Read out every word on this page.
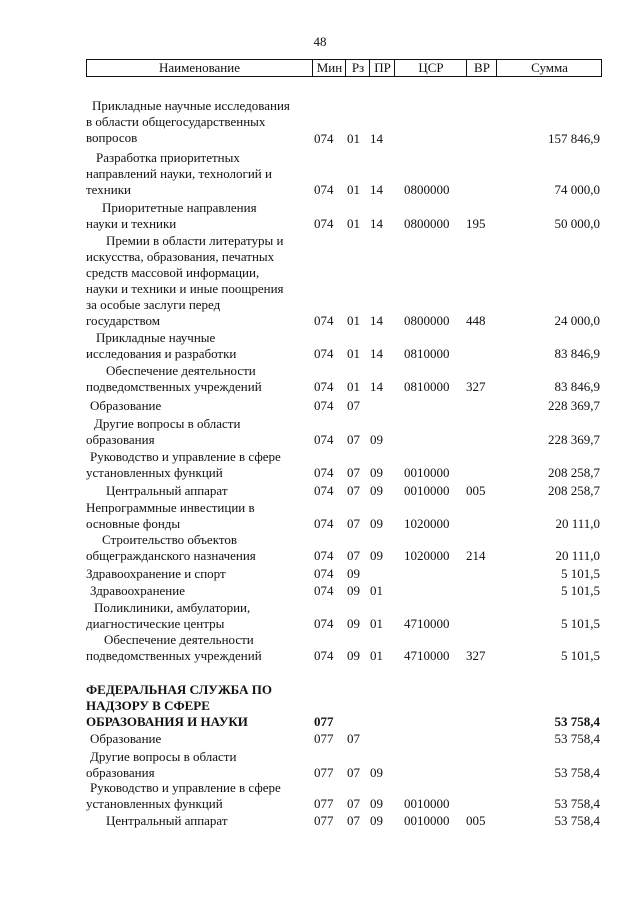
48
Наименование	Мин Рз ПР	ЦСР	ВР	Сумма
Прикладные научные исследования
в области общегосударственных
вопросов	074 01 14	157 846,9
Разработка приоритетных
направлений науки, технологий и
техники	074 01 14 0800000	74 000,0
Приоритетные направления
науки и техники	074 01 14 0800000 195	50 000,0
Премии в области литературы и
искусства, образования, печатных
средств массовой информации,
науки и техники и иные поощрения
за особые заслуги перед
государством	074 01 14 0800000 448	24 000,0
Прикладные научные
исследования и разработки	074 01 14 0810000	83 846,9
Обеспечение деятельности
подведомственных учреждений	074 01 14 0810000 327	83 846,9
Образование	074 07	228 369,7
Другие вопросы в области
образования	074 07 09	228 369,7
Руководство и управление в сфере
установленных функций	074 07 09 0010000	208 258,7
Центральный аппарат	074 07 09 0010000 005	208 258,7
Непрограммные инвестиции в
основные фонды	074 07 09 1020000	20 111,0
Строительство объектов
общегражданского назначения	074 07 09 1020000 214	20 111,0
Здравоохранение и спорт	074 09	5 101,5
Здравоохранение	074 09 01	5 101,5
Поликлиники, амбулатории,
диагностические центры	074 09 01 4710000	5 101,5
Обеспечение деятельности
подведомственных учреждений	074 09 01 4710000 327	5 101,5
ФЕДЕРАЛЬНАЯ СЛУЖБА ПО
НАДЗОРУ В СФЕРЕ
ОБРАЗОВАНИЯ И НАУКИ	077	53 758,4
Образование	077 07	53 758,4
Другие вопросы в области
образования	077 07 09	53 758,4
Руководство и управление в сфере
установленных функций	077 07 09 0010000	53 758,4
Центральный аппарат	077 07 09 0010000 005	53 758,4
